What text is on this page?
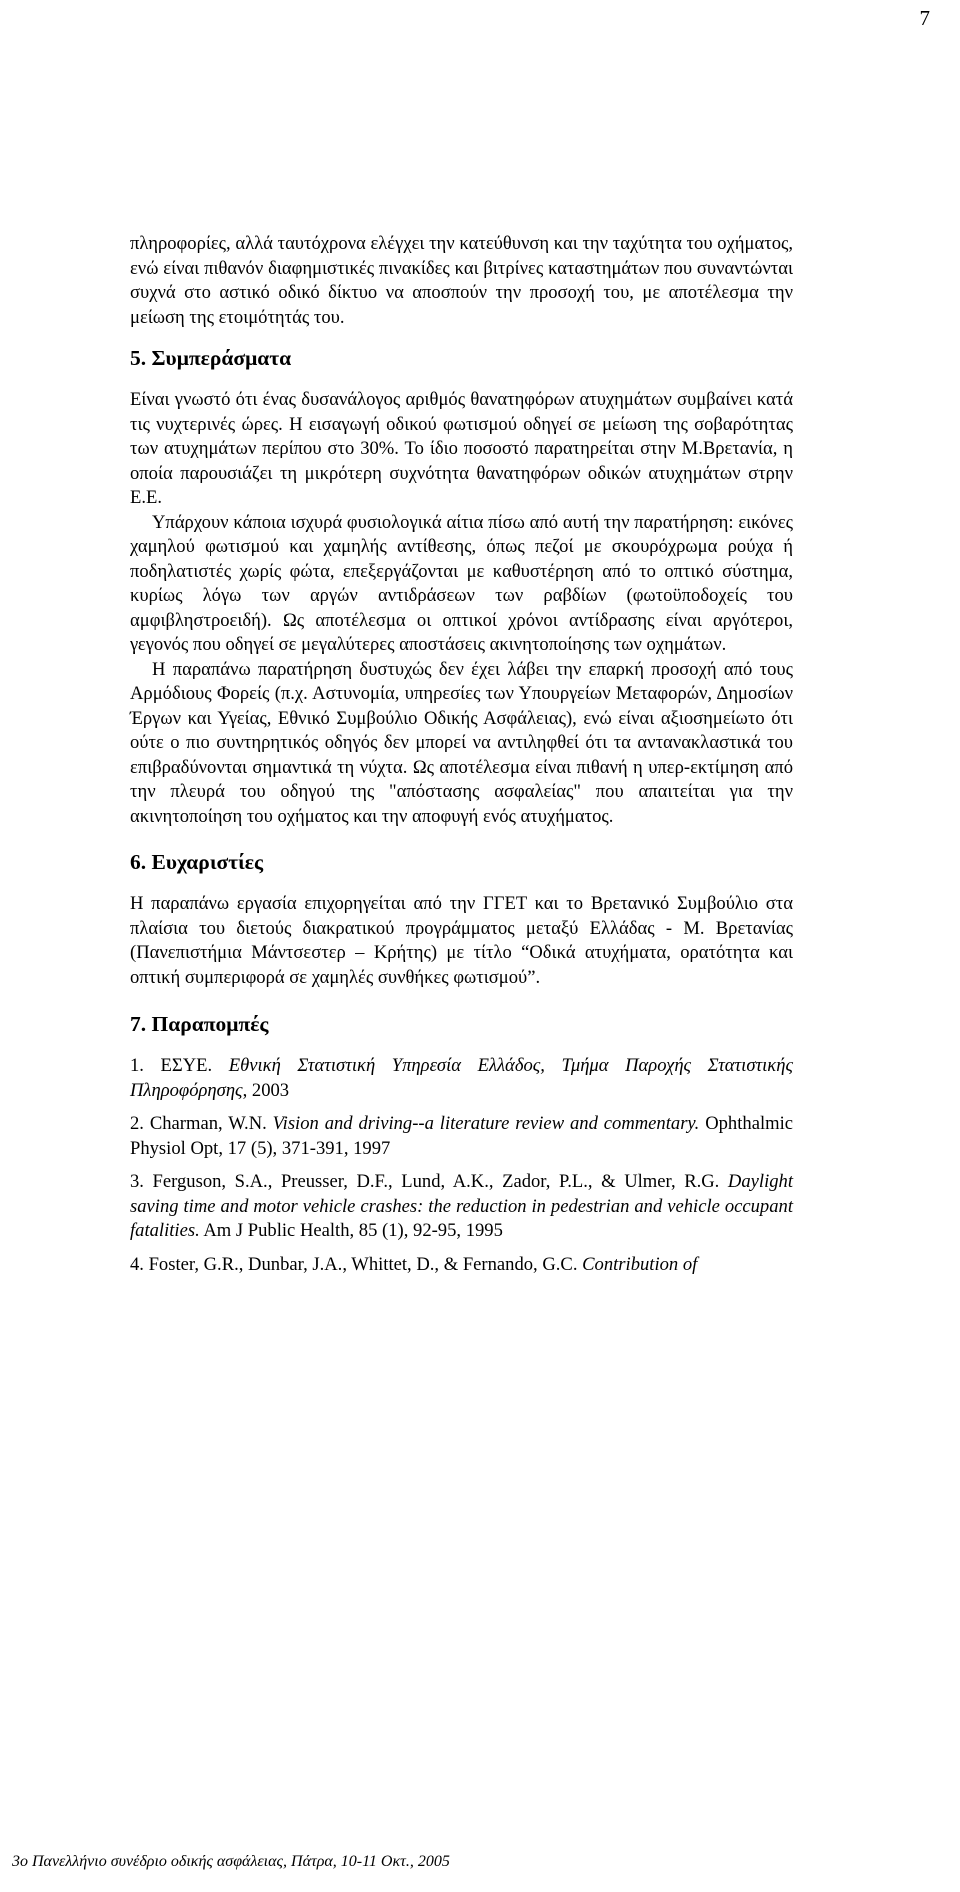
7

πληροφορίες, αλλά ταυτόχρονα ελέγχει την κατεύθυνση και την ταχύτητα του οχήματος, ενώ είναι πιθανόν διαφημιστικές πινακίδες και βιτρίνες καταστημάτων που συναντώνται συχνά στο αστικό οδικό δίκτυο να αποσπούν την προσοχή του, με αποτέλεσμα την μείωση της ετοιμότητάς του.

5. Συμπεράσματα

Είναι γνωστό ότι ένας δυσανάλογος αριθμός θανατηφόρων ατυχημάτων συμβαίνει κατά τις νυχτερινές ώρες. Η εισαγωγή οδικού φωτισμού οδηγεί σε μείωση της σοβαρότητας των ατυχημάτων περίπου στο 30%. Το ίδιο ποσοστό παρατηρείται στην Μ.Βρετανία, η οποία παρουσιάζει τη μικρότερη συχνότητα θανατηφόρων οδικών ατυχημάτων στρην Ε.Ε.

Υπάρχουν κάποια ισχυρά φυσιολογικά αίτια πίσω από αυτή την παρατήρηση: εικόνες χαμηλού φωτισμού και χαμηλής αντίθεσης, όπως πεζοί με σκουρόχρωμα ρούχα ή ποδηλατιστές χωρίς φώτα, επεξεργάζονται με καθυστέρηση από το οπτικό σύστημα, κυρίως λόγω των αργών αντιδράσεων των ραβδίων (φωτοϋποδοχείς του αμφιβληστροειδή). Ως αποτέλεσμα οι οπτικοί χρόνοι αντίδρασης είναι αργότεροι, γεγονός που οδηγεί σε μεγαλύτερες αποστάσεις ακινητοποίησης των οχημάτων.

Η παραπάνω παρατήρηση δυστυχώς δεν έχει λάβει την επαρκή προσοχή από τους Αρμόδιους Φορείς (π.χ. Αστυνομία, υπηρεσίες των Υπουργείων Μεταφορών, Δημοσίων Έργων και Υγείας, Εθνικό Συμβούλιο Οδικής Ασφάλειας), ενώ είναι αξιοσημείωτο ότι ούτε ο πιο συντηρητικός οδηγός δεν μπορεί να αντιληφθεί ότι τα αντανακλαστικά του επιβραδύνονται σημαντικά τη νύχτα. Ως αποτέλεσμα είναι πιθανή η υπερ-εκτίμηση από την πλευρά του οδηγού της "απόστασης ασφαλείας" που απαιτείται για την ακινητοποίηση του οχήματος και την αποφυγή ενός ατυχήματος.

6. Ευχαριστίες

Η παραπάνω εργασία επιχορηγείται από την ΓΓΕΤ και το Βρετανικό Συμβούλιο στα πλαίσια του διετούς διακρατικού προγράμματος μεταξύ Ελλάδας - Μ. Βρετανίας (Πανεπιστήμια Μάντσεστερ – Κρήτης) με τίτλο “Οδικά ατυχήματα, ορατότητα και οπτική συμπεριφορά σε χαμηλές συνθήκες φωτισμού”.

7. Παραπομπές

1. ΕΣΥΕ. Εθνική Στατιστική Υπηρεσία Ελλάδος, Τμήμα Παροχής Στατιστικής Πληροφόρησης, 2003

2. Charman, W.N. Vision and driving--a literature review and commentary. Ophthalmic Physiol Opt, 17 (5), 371-391, 1997

3. Ferguson, S.A., Preusser, D.F., Lund, A.K., Zador, P.L., & Ulmer, R.G. Daylight saving time and motor vehicle crashes: the reduction in pedestrian and vehicle occupant fatalities. Am J Public Health, 85 (1), 92-95, 1995

4. Foster, G.R., Dunbar, J.A., Whittet, D., & Fernando, G.C. Contribution of

3ο Πανελλήνιο συνέδριο οδικής ασφάλειας, Πάτρα, 10-11 Οκτ., 2005
